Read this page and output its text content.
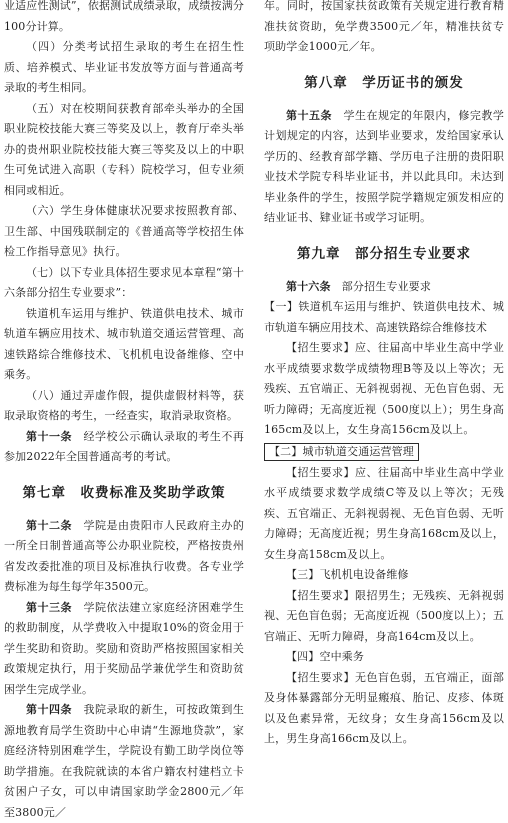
业适应性测试”，依据测试成绩录取，成绩按满分100分计算。

（四）分类考试招生录取的考生在招生性质、培养模式、毕业证书发放等方面与普通高考录取的考生相同。

（五）对在校期间获教育部牵头举办的全国职业院校技能大赛三等奖及以上，教育厅牵头举办的贵州职业院校技能大赛三等奖及以上的中职生可免试进入高职（专科）院校学习，但专业须相同或相近。

（六）学生身体健康状况要求按照教育部、卫生部、中国残联制定的《普通高等学校招生体检工作指导意见》执行。

（七）以下专业具体招生要求见本章程“第十六条部分招生专业要求”：

铁道机车运用与维护、铁道供电技术、城市轨道车辆应用技术、城市轨道交通运营管理、高速铁路综合维修技术、飞机机电设备维修、空中乘务。

（八）通过弄虚作假，提供虚假材料等，获取录取资格的考生，一经查实，取消录取资格。

第十一条　 经学校公示确认录取的考生不再参加2022年全国普通高考的考试。

第七章　收费标准及奖助学政策

第十二条　 学院是由贵阳市人民政府主办的一所全日制普通高等公办职业院校，严格按贵州省发改委批准的项目及标准执行收费。各专业学费标准为每生每学年3500元。

第十三条　 学院依法建立家庭经济困难学生的救助制度，从学费收入中提取10%的资金用于学生奖助和资助。奖励和资助严格按照国家相关政策规定执行，用于奖励品学兼优学生和资助贫困学生完成学业。

第十四条　 我院录取的新生，可按政策到生源地教育局学生资助中心申请“生源地贷款”，家庭经济特别困难学生，学院设有勤工助学岗位等助学措施。在我院就读的本省户籍农村建档立卡贫困户子女，可以申请国家助学金2800元／年至3800元／

年。同时，按国家扶贫政策有关规定进行教育精准扶贫资助，免学费3500元／年，精准扶贫专项助学金1000元／年。

第八章　学历证书的颁发

第十五条　 学生在规定的年限内，修完教学计划规定的内容，达到毕业要求，发给国家承认学历的、经教育部学籍、学历电子注册的贵阳职业技术学院专科毕业证书，并以此具印。未达到毕业条件的学生，按照学院学籍规定颁发相应的结业证书、肄业证书或学习证明。

第九章　部分招生专业要求

第十六条　 部分招生专业要求

【一】铁道机车运用与维护、铁道供电技术、城市轨道车辆应用技术、高速铁路综合维修技术

【招生要求】应、往届高中毕业生高中学业水平成绩要求数学成绩物理B等及以上等次；无残疾、五官端正、无斜视弱视、无色盲色弱、无听力障碍；无高度近视（500度以上）；男生身高165cm及以上，女生身高156cm及以上。

【二】城市轨道交通运营管理

【招生要求】应、往届高中毕业生高中学业水平成绩要求数学成绩C等及以上等次；无残疾、五官端正、无斜视弱视、无色盲色弱、无听力障碍；无高度近视；男生身高168cm及以上，女生身高158cm及以上。

【三】飞机机电设备维修

【招生要求】限招男生；无残疾、无斜视弱视、无色盲色弱；无高度近视（500度以上）；五官端正、无听力障碍，身高164cm及以上。

【四】空中乘务

【招生要求】无色盲色弱，五官端正，面部及身体暴露部分无明显瘢痕、胎记、皮疹、体斑以及色素异常，无纹身；女生身高156cm及以上，男生身高166cm及以上。
